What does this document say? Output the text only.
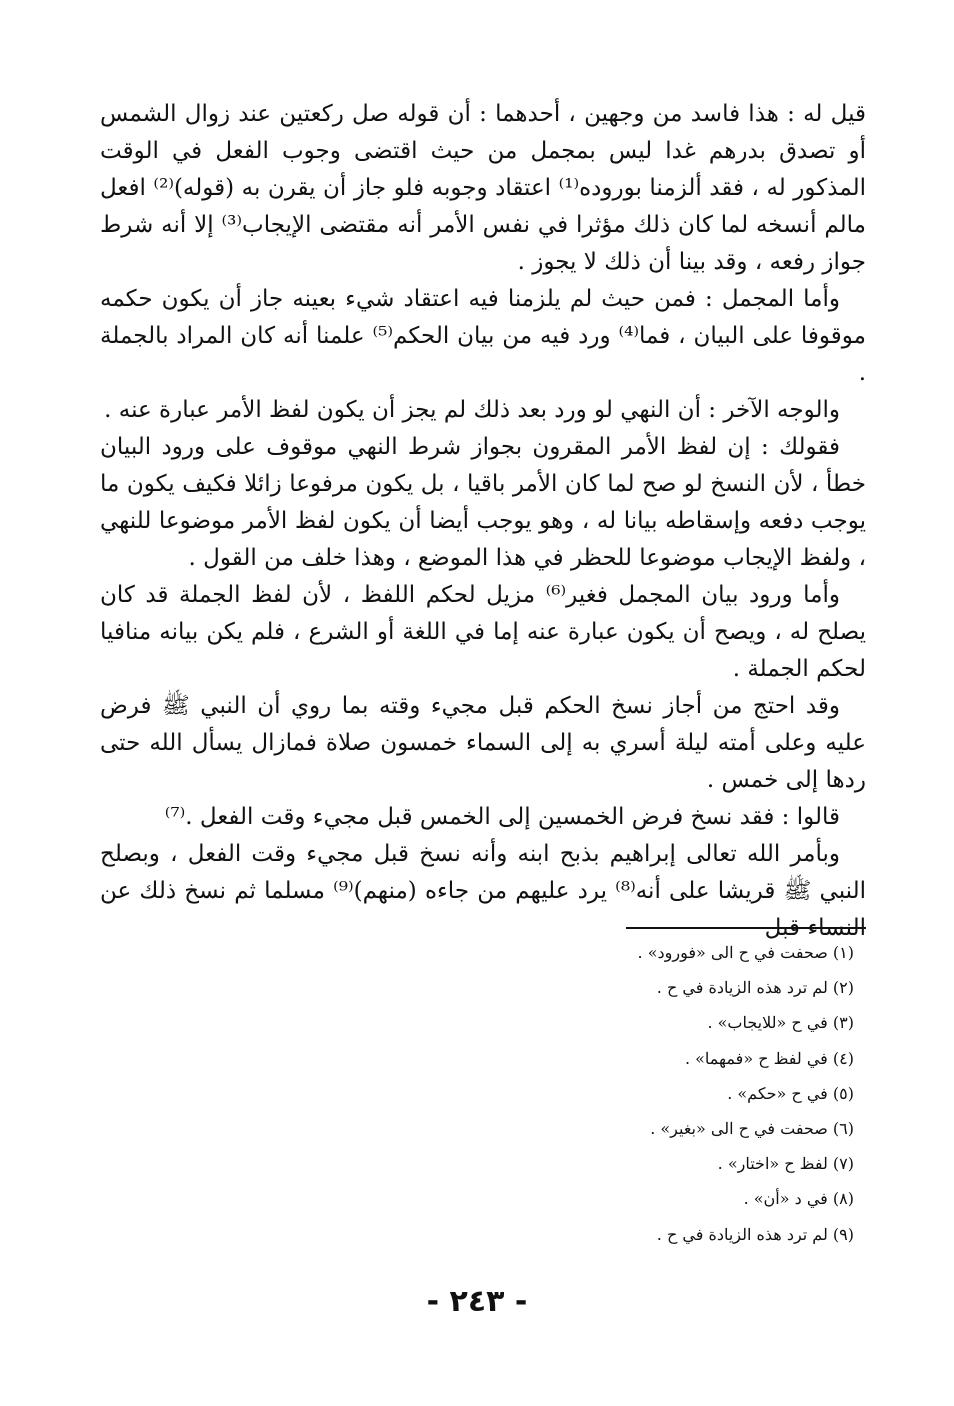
قيل له : هذا فاسد من وجهين ، أحدهما : أن قوله صل ركعتين عند زوال الشمس أو تصدق بدرهم غدا ليس بمجمل من حيث اقتضى وجوب الفعل في الوقت المذكور له ، فقد ألزمنا بوروده⁽¹⁾ اعتقاد وجوبه فلو جاز أن يقرن به (قوله)⁽²⁾ افعل مالم أنسخه لما كان ذلك مؤثرا في نفس الأمر أنه مقتضى الإيجاب⁽³⁾ إلا أنه شرط جواز رفعه ، وقد بينا أن ذلك لا يجوز .

وأما المجمل : فمن حيث لم يلزمنا فيه اعتقاد شيء بعينه جاز أن يكون حكمه موقوفا على البيان ، فما⁽⁴⁾ ورد فيه من بيان الحكم⁽⁵⁾ علمنا أنه كان المراد بالجملة .

والوجه الآخر : أن النهي لو ورد بعد ذلك لم يجز أن يكون لفظ الأمر عبارة عنه .

فقولك : إن لفظ الأمر المقرون بجواز شرط النهي موقوف على ورود البيان خطأ ، لأن النسخ لو صح لما كان الأمر باقيا ، بل يكون مرفوعا زائلا فكيف يكون ما يوجب دفعه وإسقاطه بيانا له ، وهو يوجب أيضا أن يكون لفظ الأمر موضوعا للنهي ، ولفظ الإيجاب موضوعا للحظر في هذا الموضع ، وهذا خلف من القول .

وأما ورود بيان المجمل فغير⁽⁶⁾ مزيل لحكم اللفظ ، لأن لفظ الجملة قد كان يصلح له ، ويصح أن يكون عبارة عنه إما في اللغة أو الشرع ، فلم يكن بيانه منافيا لحكم الجملة .

وقد احتج من أجاز نسخ الحكم قبل مجيء وقته بما روي أن النبي ﷺ فرض عليه وعلى أمته ليلة أسري به إلى السماء خمسون صلاة فمازال يسأل الله حتى ردها إلى خمس .

قالوا : فقد نسخ فرض الخمسين إلى الخمس قبل مجيء وقت الفعل .⁽⁷⁾

وبأمر الله تعالى إبراهيم بذبح ابنه وأنه نسخ قبل مجيء وقت الفعل ، وبصلح النبي ﷺ قريشا على أنه⁽⁸⁾ يرد عليهم من جاءه (منهم)⁽⁹⁾ مسلما ثم نسخ ذلك عن النساء قبل

(١) صحفت في ح الى «فورود» .
(٢) لم ترد هذه الزيادة في ح .
(٣) في ح «للايجاب» .
(٤) في لفظ ح «فمهما» .
(٥) في ح «حكم» .
(٦) صحفت في ح الى «بغير» .
(٧) لفظ ح «اختار» .
(٨) في د «أن» .
(٩) لم ترد هذه الزيادة في ح .
- ٢٤٣ -
